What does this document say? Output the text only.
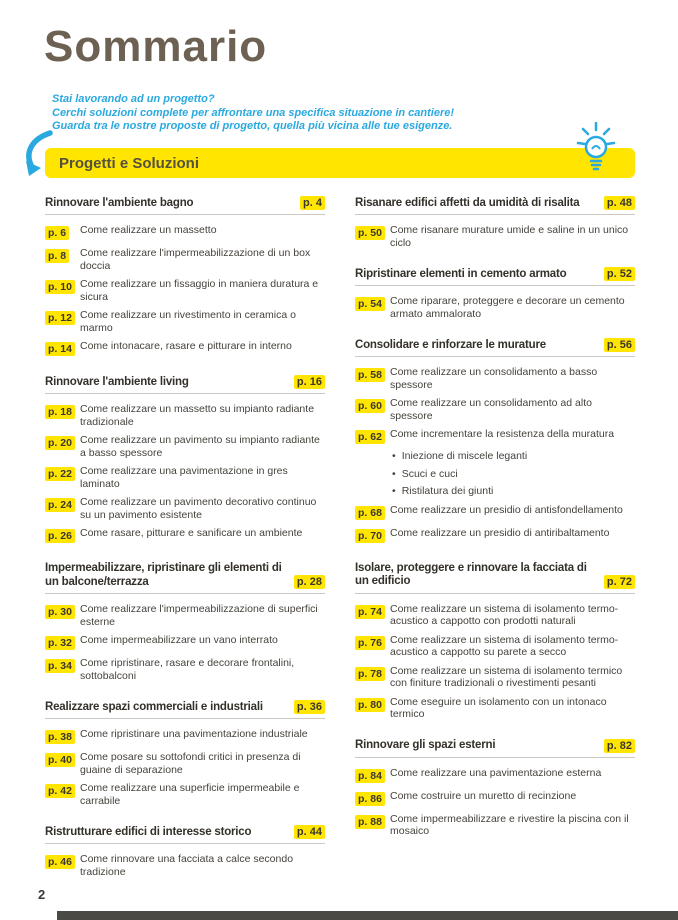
Sommario
Stai lavorando ad un progetto?
Cerchi soluzioni complete per affrontare una specifica situazione in cantiere!
Guarda tra le nostre proposte di progetto, quella più vicina alle tue esigenze.
Progetti e Soluzioni
Rinnovare l'ambiente bagno	p. 4
p. 6	Come realizzare un massetto
p. 8	Come realizzare l'impermeabilizzazione di un box doccia
p. 10 Come realizzare un fissaggio in maniera duratura e sicura
p. 12 Come realizzare un rivestimento in ceramica o marmo
p. 14 Come intonacare, rasare e pitturare in interno
Rinnovare l'ambiente living	p. 16
p. 18 Come realizzare un massetto su impianto radiante tradizionale
p. 20 Come realizzare un pavimento su impianto radiante a basso spessore
p. 22 Come realizzare una pavimentazione in gres laminato
p. 24 Come realizzare un pavimento decorativo continuo su un pavimento esistente
p. 26 Come rasare, pitturare e sanificare un ambiente
Impermeabilizzare, ripristinare gli elementi di un balcone/terrazza	p. 28
p. 30 Come realizzare l'impermeabilizzazione di superfici esterne
p. 32 Come impermeabilizzare un vano interrato
p. 34 Come ripristinare, rasare e decorare frontalini, sottobalconi
Realizzare spazi commerciali e industriali	p. 36
p. 38 Come ripristinare una pavimentazione industriale
p. 40 Come posare su sottofondi critici in presenza di guaine di separazione
p. 42 Come realizzare una superficie impermeabile e carrabile
Ristrutturare edifici di interesse storico	p. 44
p. 46 Come rinnovare una facciata a calce secondo tradizione
Risanare edifici affetti da umidità di risalita	p. 48
p. 50 Come risanare murature umide e saline in un unico ciclo
Ripristinare elementi in cemento armato	p. 52
p. 54 Come riparare, proteggere e decorare un cemento armato ammalorato
Consolidare e rinforzare le murature	p. 56
p. 58 Come realizzare un consolidamento a basso spessore
p. 60 Come realizzare un consolidamento ad alto spessore
p. 62 Come incrementare la resistenza della muratura
• Iniezione di miscele leganti
• Scuci e cuci
• Ristilatura dei giunti
p. 68 Come realizzare un presidio di antisfondellamento
p. 70 Come realizzare un presidio di antiribaltamento
Isolare, proteggere e rinnovare la facciata di un edificio	p. 72
p. 74 Come realizzare un sistema di isolamento termo-acustico a cappotto con prodotti naturali
p. 76 Come realizzare un sistema di isolamento termo-acustico a cappotto su parete a secco
p. 78 Come realizzare un sistema di isolamento termico con finiture tradizionali o rivestimenti pesanti
p. 80 Come eseguire un isolamento con un intonaco termico
Rinnovare gli spazi esterni	p. 82
p. 84 Come realizzare una pavimentazione esterna
p. 86 Come costruire un muretto di recinzione
p. 88 Come impermeabilizzare e rivestire la piscina con il mosaico
2
